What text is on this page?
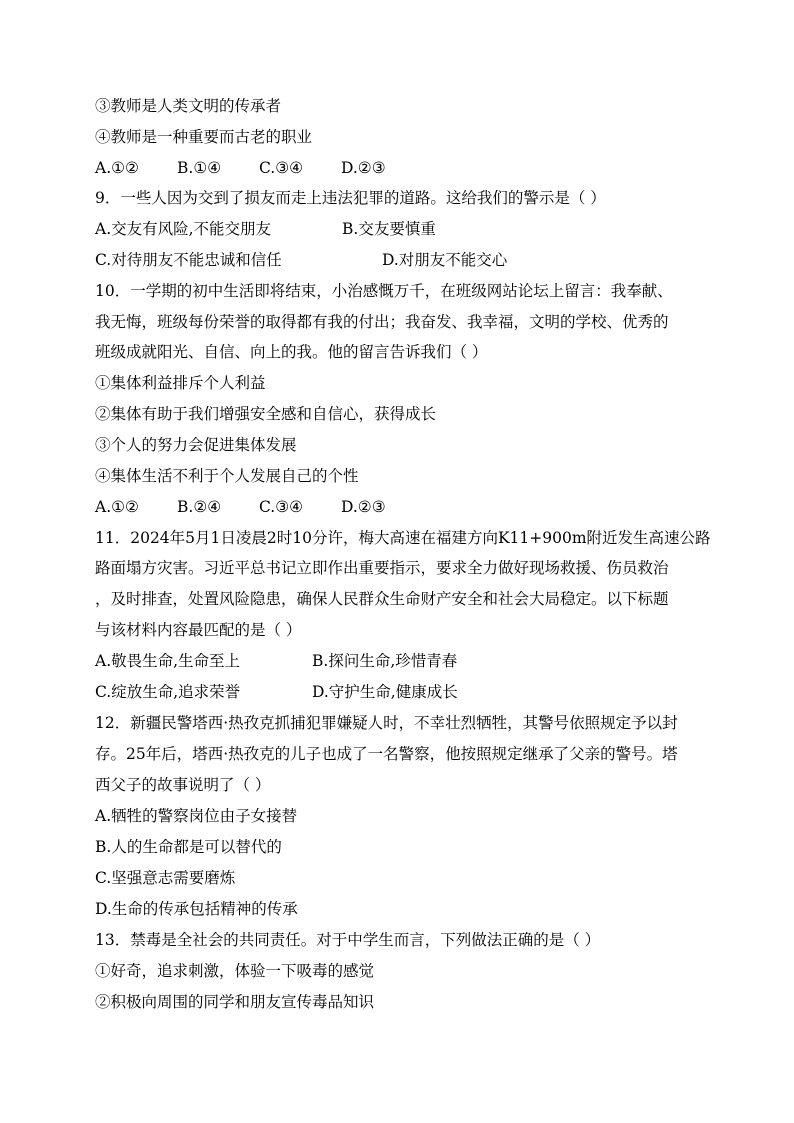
③教师是人类文明的传承者
④教师是一种重要而古老的职业
A.①②	B.①④	C.③④	D.②③
9．一些人因为交到了损友而走上违法犯罪的道路。这给我们的警示是（ ）
A.交友有风险,不能交朋友	B.交友要慎重
C.对待朋友不能忠诚和信任	D.对朋友不能交心
10．一学期的初中生活即将结束，小治感慨万千，在班级网站论坛上留言：我奉献、
我无悔，班级每份荣誉的取得都有我的付出；我奋发、我幸福，文明的学校、优秀的
班级成就阳光、自信、向上的我。他的留言告诉我们（ ）
①集体利益排斥个人利益
②集体有助于我们增强安全感和自信心，获得成长
③个人的努力会促进集体发展
④集体生活不利于个人发展自己的个性
A.①②	B.②④	C.③④	D.②③
11．2024年5月1日凌晨2时10分许，梅大高速在福建方向K11+900m附近发生高速公路
路面塌方灾害。习近平总书记立即作出重要指示，要求全力做好现场救援、伤员救治
，及时排查，处置风险隐患，确保人民群众生命财产安全和社会大局稳定。以下标题
与该材料内容最匹配的是（ ）
A.敬畏生命,生命至上	B.探问生命,珍惜青春
C.绽放生命,追求荣誉	D.守护生命,健康成长
12．新疆民警塔西·热孜克抓捕犯罪嫌疑人时，不幸壮烈牺牲，其警号依照规定予以封
存。25年后，塔西·热孜克的儿子也成了一名警察，他按照规定继承了父亲的警号。塔
西父子的故事说明了（ ）
A.牺牲的警察岗位由子女接替
B.人的生命都是可以替代的
C.坚强意志需要磨炼
D.生命的传承包括精神的传承
13．禁毒是全社会的共同责任。对于中学生而言，下列做法正确的是（ ）
①好奇，追求刺激，体验一下吸毒的感觉
②积极向周围的同学和朋友宣传毒品知识
